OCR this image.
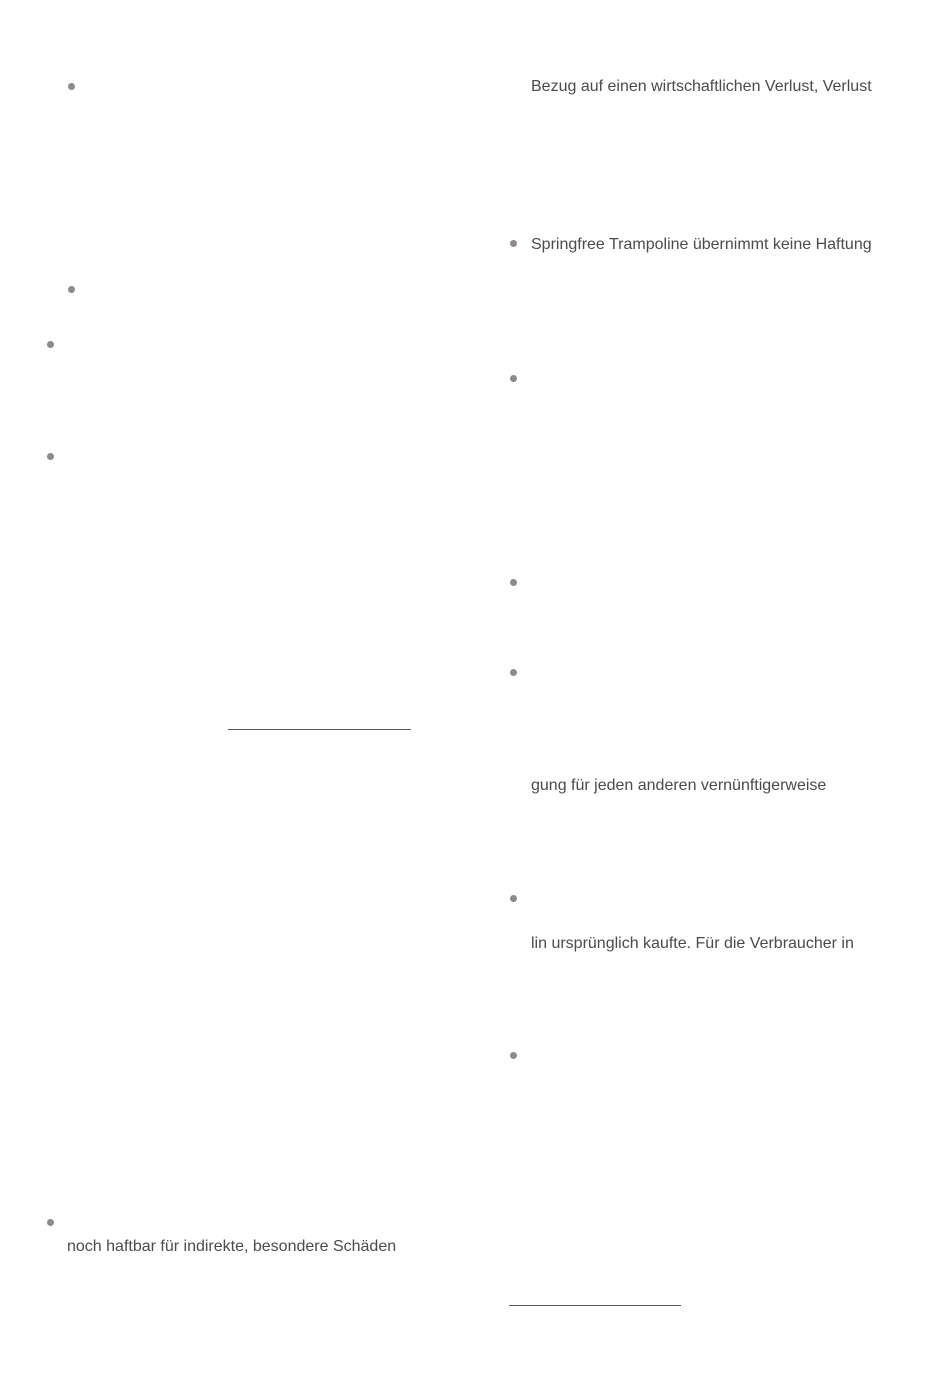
noch haftbar für indirekte, besondere Schäden
Bezug auf einen wirtschaftlichen Verlust, Verlust
Springfree Trampoline übernimmt keine Haftung
gung für jeden anderen vernünftigerweise
lin ursprünglich kaufte. Für die Verbraucher in
